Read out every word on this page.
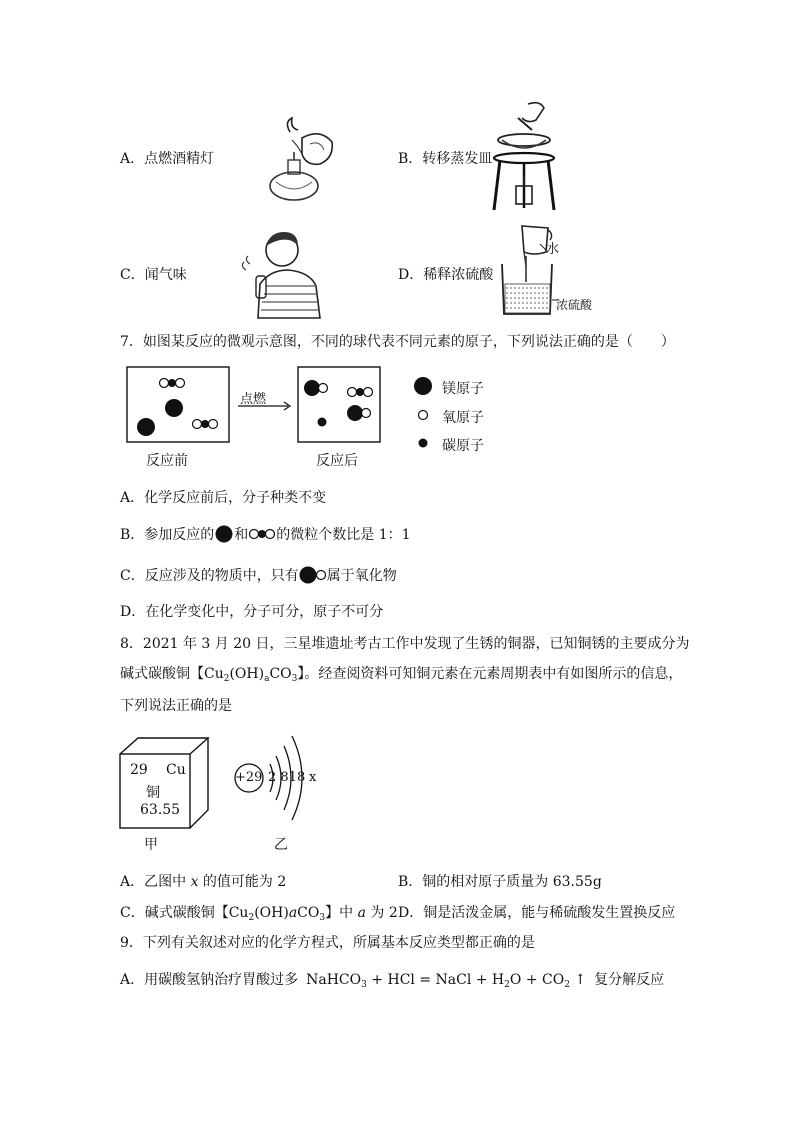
A．点燃酒精灯	B．转移蒸发皿
C．闻气味	D．稀释浓硫酸
水
浓硫酸
7．如图某反应的微观示意图，不同的球代表不同元素的原子，下列说法正确的是（　　）
点燃
反应前	反应后
镁原子
氧原子
碳原子
A．化学反应前后，分子种类不变
B．参加反应的 和 的微粒个数比是 1：1
C．反应涉及的物质中，只有 属于氧化物
D．在化学变化中，分子可分，原子不可分
8．2021 年 3 月 20 日，三星堆遗址考古工作中发现了生锈的铜器，已知铜锈的主要成分为
碱式碳酸铜【$Cu_2(OH)_aCO_3$】。经查阅资料可知铜元素在元素周期表中有如图所示的信息，
下列说法正确的是
29 Cu
铜
63.55
甲
+29 2 818 x
乙
A．乙图中 x 的值可能为 2	B．铜的相对原子质量为 63.55g
C．碱式碳酸铜【$Cu_2(OH)aCO_3$】中 a 为 2 D．铜是活泼金属，能与稀硫酸发生置换反应
9．下列有关叙述对应的化学方程式，所属基本反应类型都正确的是
A．用碳酸氢钠治疗胃酸过多 NaHCO$_3$ + HCl = NaCl + $H_2O + CO_2$ ↑ 复分解反应
